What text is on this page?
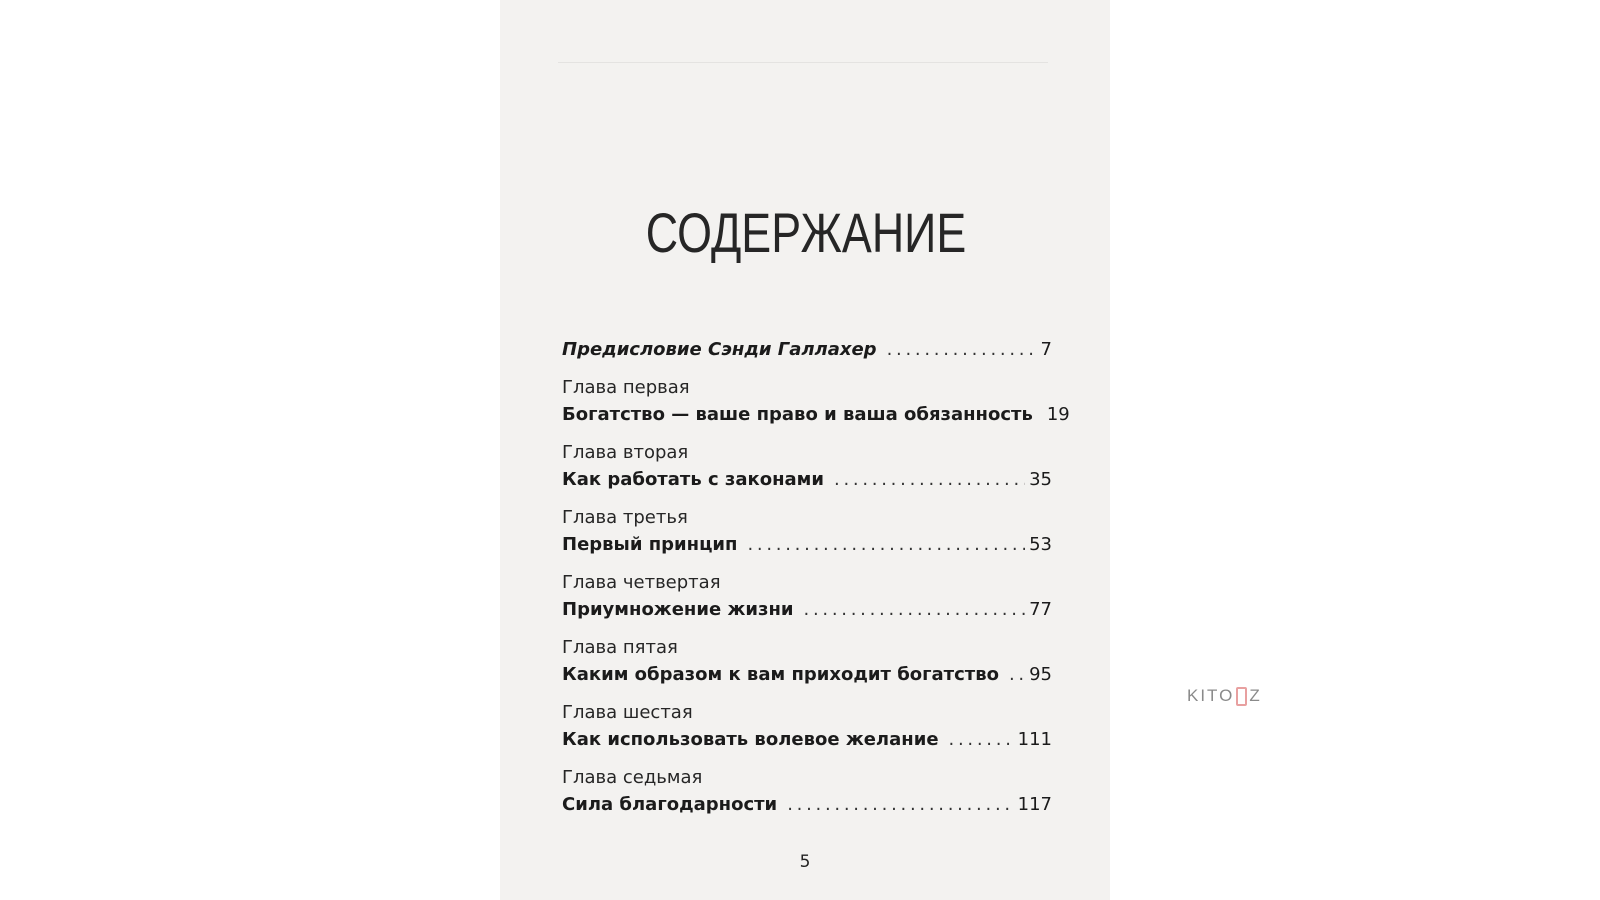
СОДЕРЖАНИЕ
Предисловие Сэнди Галлахер . . .	7
Глава первая
Богатство — ваше право и ваша обязанность 19
Глава вторая
Как работать с законами . . .	35
Глава третья
Первый принцип . . .	53
Глава четвертая
Приумножение жизни . . .	77
Глава пятая
Каким образом к вам приходит богатство . . . 95
Глава шестая
Как использовать волевое желание . . .	111
Глава седьмая
Сила благодарности . . .	117
5
KITO Z
